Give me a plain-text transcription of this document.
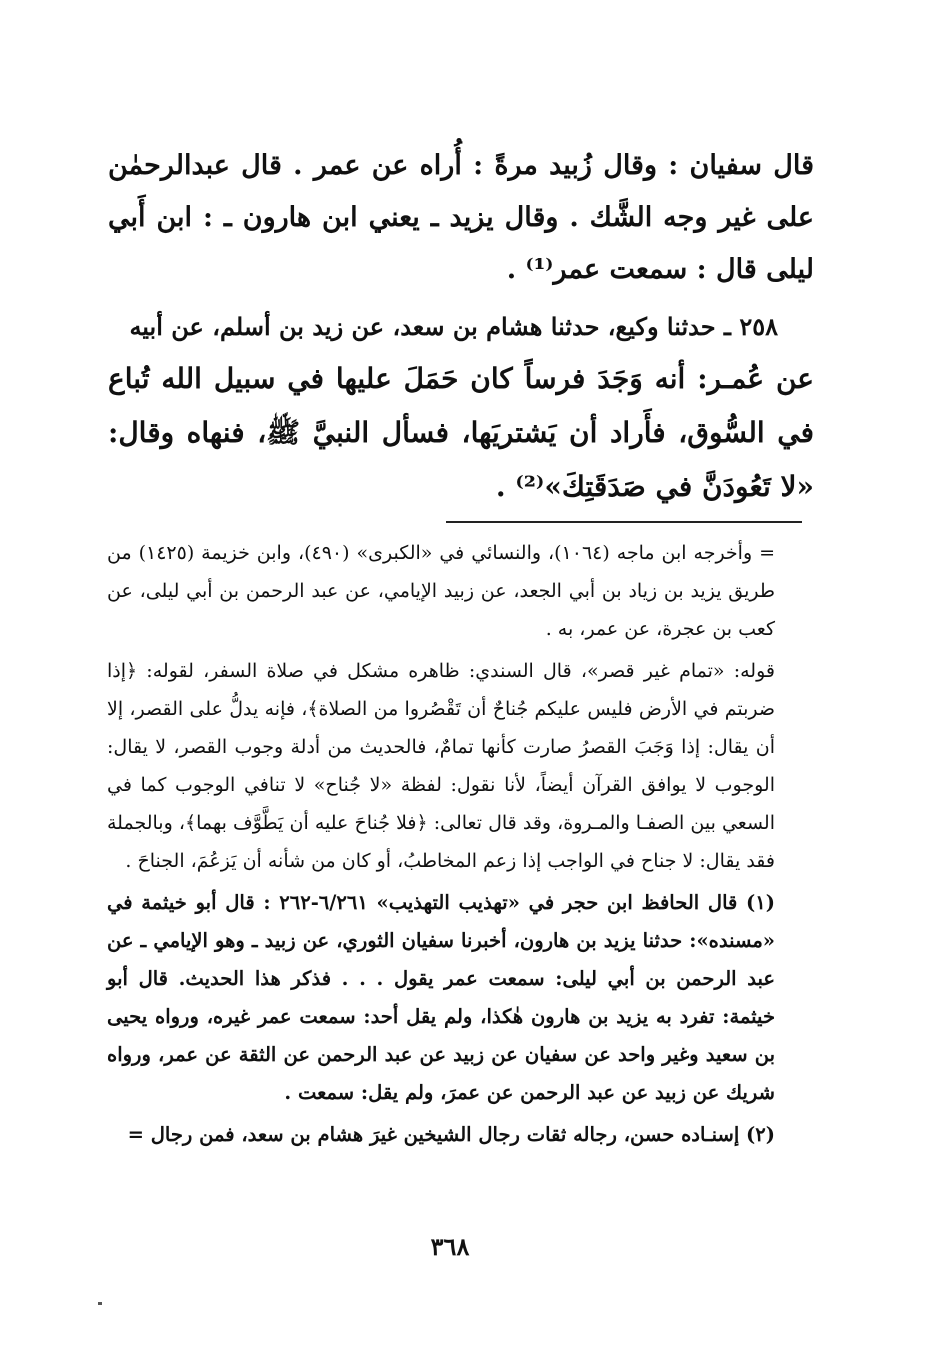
قال سفيان : وقال زُبيد مرةً : أُراه عن عمر . قال عبدالرحمٰن على غير وجه الشَّك . وقال يزيد ـ يعني ابن هارون ـ : ابن أَبي ليلى قال : سمعت عمر⁽¹⁾ .

٢٥٨ ـ حدثنا وكيع، حدثنا هشام بن سعد، عن زيد بن أسلم، عن أبيه

عن عُمـر: أنه وَجَدَ فرساً كان حَمَلَ عليها في سبيل الله تُباع في السُّوق، فأَراد أن يَشتريَها، فسأل النبيَّ ﷺ، فنهاه وقال: «لا تَعُودَنَّ في صَدَقَتِكَ»⁽²⁾ .

= وأخرجه ابن ماجه (١٠٦٤)، والنسائي في «الكبرى» (٤٩٠)، وابن خزيمة (١٤٢٥) من طريق يزيد بن زياد بن أبي الجعد، عن زبيد الإيامي، عن عبد الرحمن بن أبي ليلى، عن كعب بن عجرة، عن عمر، به .

قوله: «تمام غير قصر»، قال السندي: ظاهره مشكل في صلاة السفر، لقوله: ﴿إذا ضربتم في الأرض فليس عليكم جُناحٌ أن تَقْصُروا من الصلاة﴾، فإنه يدلُّ على القصر، إلا أن يقال: إذا وَجَبَ القصرُ صارت كأنها تمامٌ، فالحديث من أدلة وجوب القصر، لا يقال: الوجوب لا يوافق القرآن أيضاً، لأنا نقول: لفظة «لا جُناح» لا تنافي الوجوب كما في السعي بين الصفـا والمـروة، وقد قال تعالى: ﴿فلا جُناحَ عليه أن يَطَّوَّف بهما﴾، وبالجملة فقد يقال: لا جناح في الواجب إذا زعم المخاطبُ، أو كان من شأنه أن يَزعُمَ، الجناحَ .

(١) قال الحافظ ابن حجر في «تهذيب التهذيب» ٦/٢٦١-٢٦٢ : قال أبو خيثمة في «مسنده»: حدثنا يزيد بن هارون، أخبرنا سفيان الثوري، عن زبيد ـ وهو الإيامي ـ عن عبد الرحمن بن أبي ليلى: سمعت عمر يقول . . . فذكر هذا الحديث. قال أبو خيثمة: تفرد به يزيد بن هارون هٰكذا، ولم يقل أحد: سمعت عمر غيره، ورواه يحيى بن سعيد وغير واحد عن سفيان عن زبيد عن عبد الرحمن عن الثقة عن عمر، ورواه شريك عن زبيد عن عبد الرحمن عن عمرَ، ولم يقل: سمعت .

(٢) إسنـاده حسن، رجاله ثقات رجال الشيخين غيرَ هشام بن سعد، فمن رجال =

٣٦٨
